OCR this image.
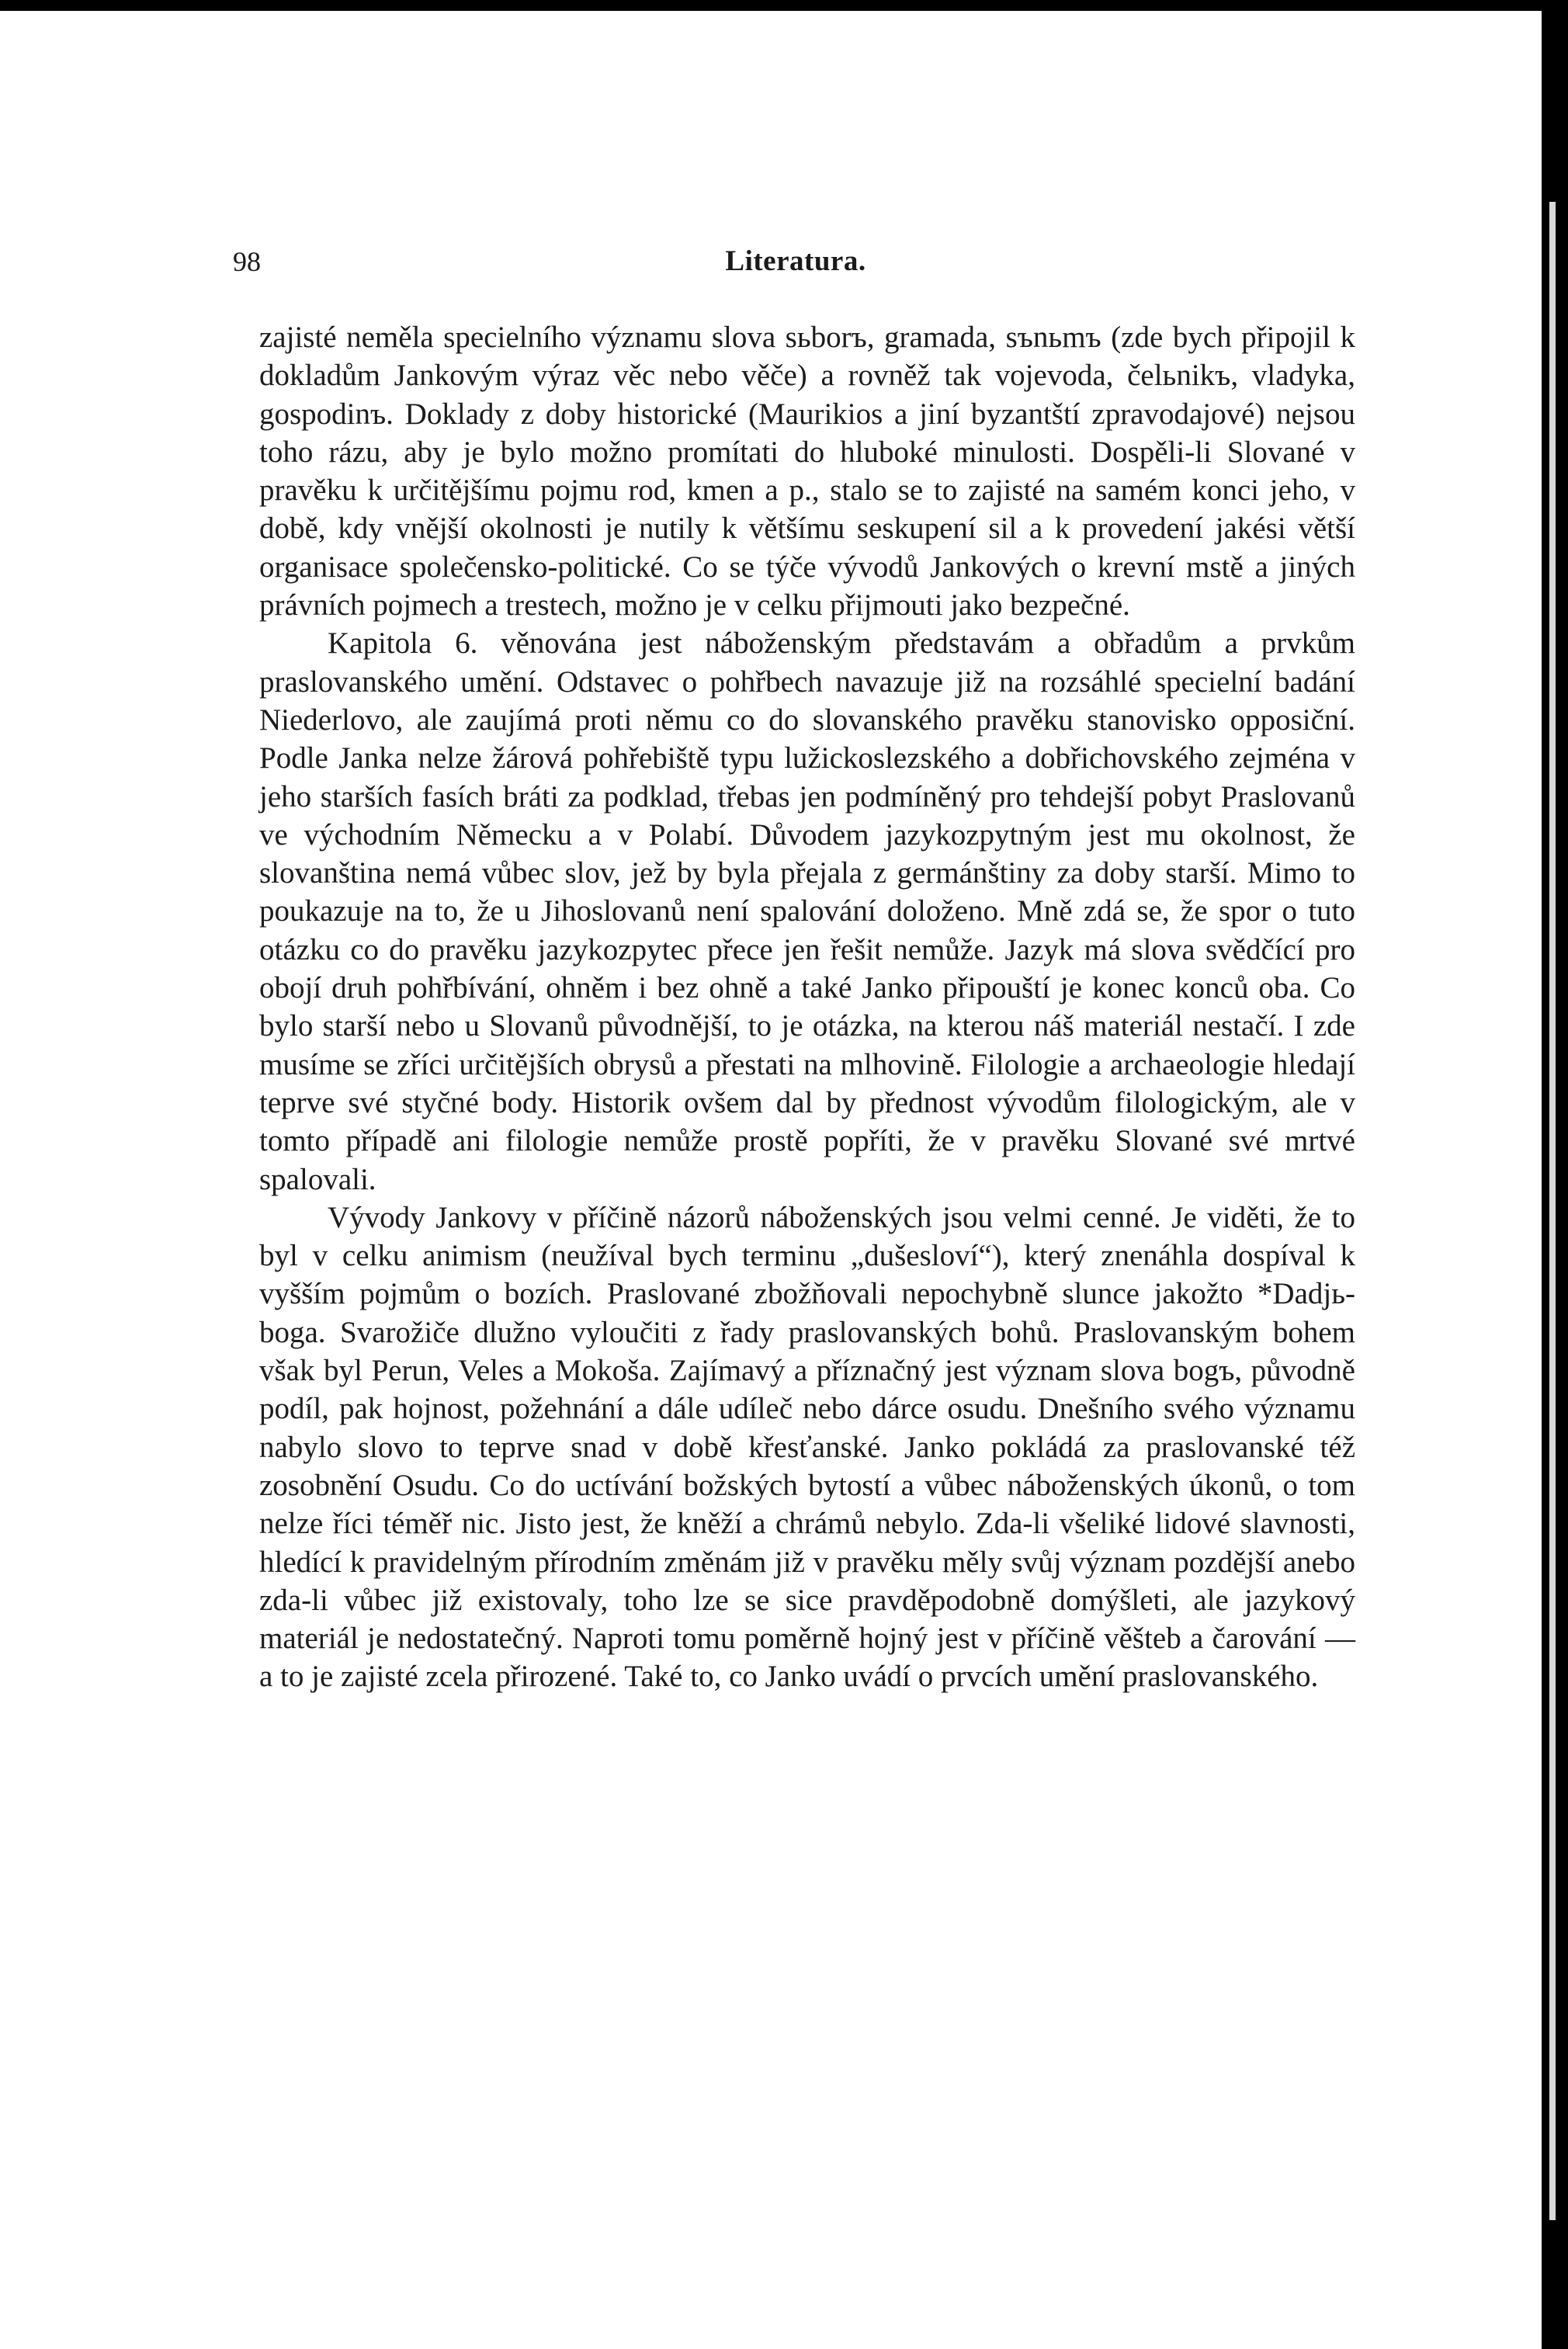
98	Literatura.

zajisté neměla specielního významu slova sьborъ, gramada, sъnьmъ (zde bych připojil k dokladům Jankovým výraz věc nebo věče) a rovněž tak vojevoda, čelьnikъ, vladyka, gospodinъ. Doklady z doby historické (Maurikios a jiní byzantští zpravodajové) nejsou toho rázu, aby je bylo možno promítati do hluboké minulosti. Dospěli-li Slované v pravěku k určitějšímu pojmu rod, kmen a p., stalo se to zajisté na samém konci jeho, v době, kdy vnější okolnosti je nutily k většímu seskupení sil a k provedení jakési větší organisace společensko-politické. Co se týče vývodů Jankových o krevní mstě a jiných právních pojmech a trestech, možno je v celku přijmouti jako bezpečné.

Kapitola 6. věnována jest náboženským představám a obřadům a prvkům praslovanského umění. Odstavec o pohřbech navazuje již na rozsáhlé specielní badání Niederlovo, ale zaujímá proti němu co do slovanského pravěku stanovisko opposiční. Podle Janka nelze žárová pohřebiště typu lužickoslezského a dobřichovského zejména v jeho starších fasích bráti za podklad, třebas jen podmíněný pro tehdejší pobyt Praslovanů ve východním Německu a v Polabí. Důvodem jazykozpytným jest mu okolnost, že slovanština nemá vůbec slov, jež by byla přejala z germánštiny za doby starší. Mimo to poukazuje na to, že u Jihoslovanů není spalování doloženo. Mně zdá se, že spor o tuto otázku co do pravěku jazykozpytec přece jen řešit nemůže. Jazyk má slova svědčící pro obojí druh pohřbívání, ohněm i bez ohně a také Janko připouští je konec konců oba. Co bylo starší nebo u Slovanů původnější, to je otázka, na kterou náš materiál nestačí. I zde musíme se zříci určitějších obrysů a přestati na mlhovině. Filologie a archaeologie hledají teprve své styčné body. Historik ovšem dal by přednost vývodům filologickým, ale v tomto případě ani filologie nemůže prostě popříti, že v pravěku Slované své mrtvé spalovali.

Vývody Jankovy v příčině názorů náboženských jsou velmi cenné. Je viděti, že to byl v celku animism (neužíval bych terminu „dušesloví“), který znenáhla dospíval k vyšším pojmům o bozích. Praslované zbožňovali nepochybně slunce jakožto *Dadjь-boga. Svarožiče dlužno vyloučiti z řady praslovanských bohů. Praslovanským bohem však byl Perun, Veles a Mokoša. Zajímavý a příznačný jest význam slova bogъ, původně podíl, pak hojnost, požehnání a dále udílеč nebo dárce osudu. Dnešního svého významu nabylo slovo to teprve snad v době křesťanské. Janko pokládá za praslovanské též zosobnění Osudu. Co do uctívání božských bytostí a vůbec náboženských úkonů, o tom nelze říci téměř nic. Jisto jest, že kněží a chrámů nebylo. Zda-li všeliké lidové slavnosti, hledící k pravidelným přírodním změnám již v pravěku měly svůj význam pozdější anebo zda-li vůbec již existovaly, toho lze se sice pravděpodobně domýšleti, ale jazykový materiál je nedostatečný. Naproti tomu poměrně hojný jest v příčině věšteb a čarování — a to je zajisté zcela přirozené. Také to, co Janko uvádí o prvcích umění praslovanského.
